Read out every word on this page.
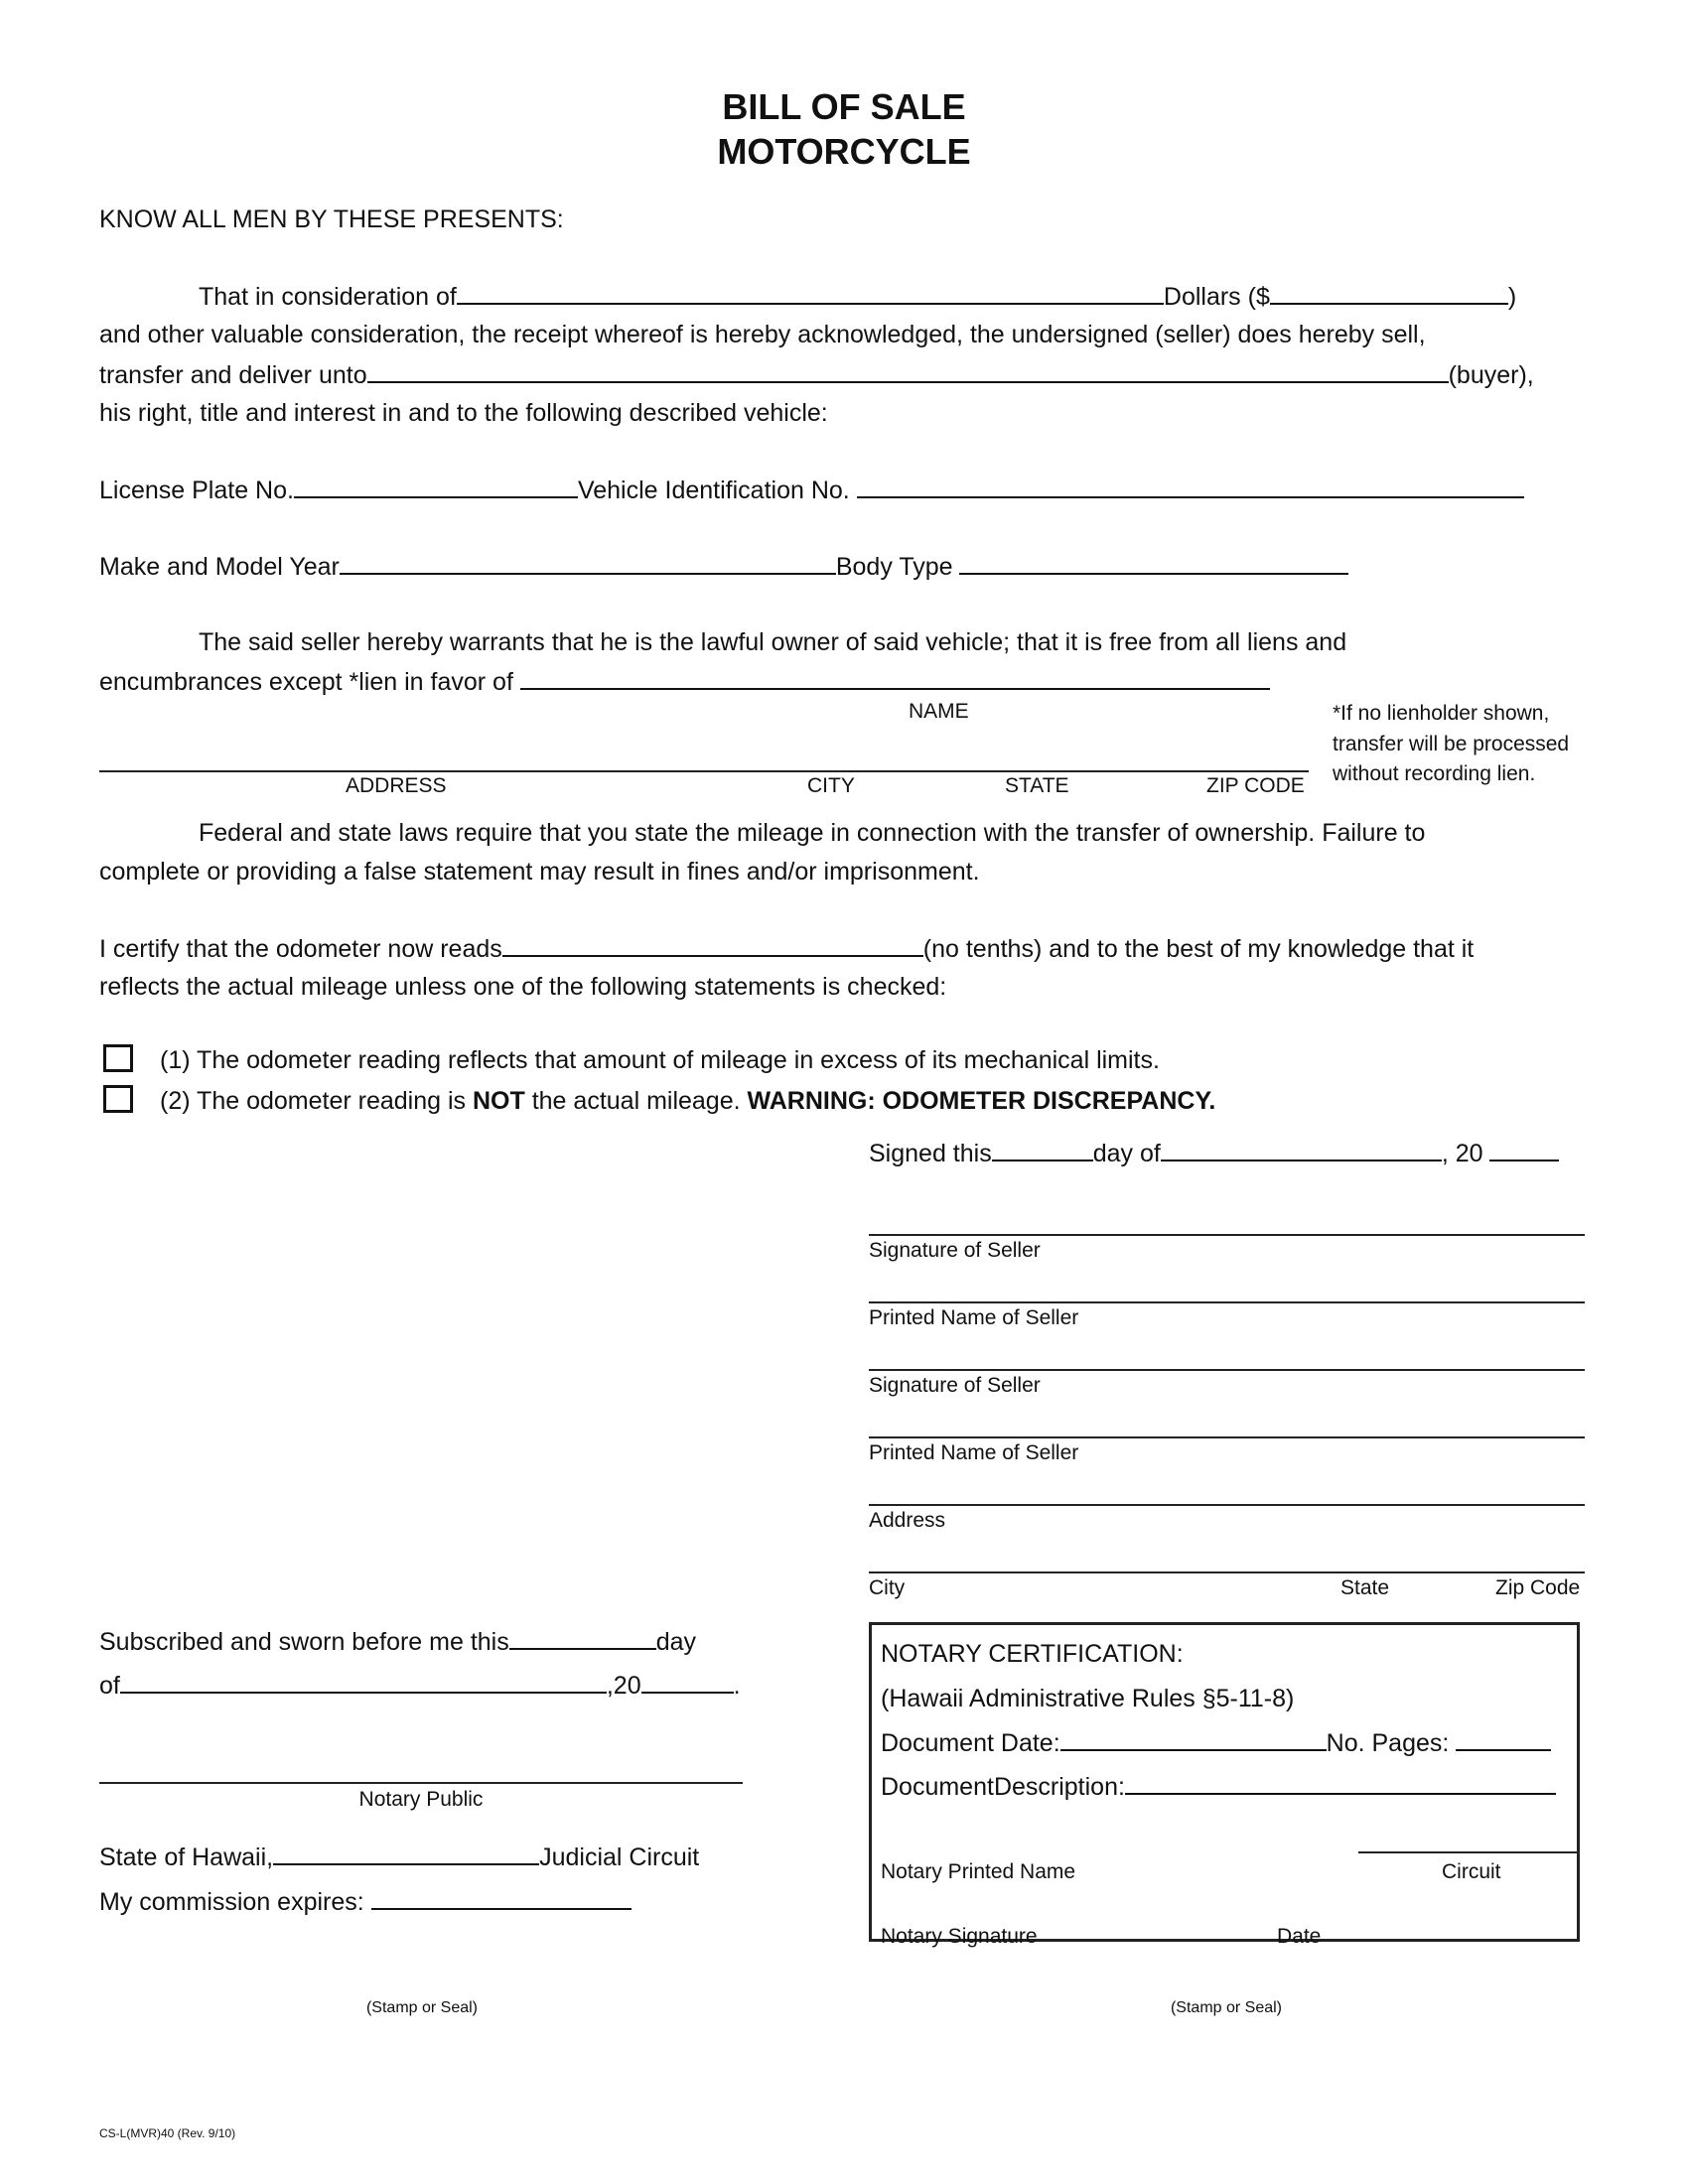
BILL OF SALE
MOTORCYCLE
KNOW ALL MEN BY THESE PRESENTS:
That in consideration of	Dollars ($	)
and other valuable consideration, the receipt whereof is hereby acknowledged, the undersigned (seller) does hereby sell,
transfer and deliver unto	(buyer),
his right, title and interest in and to the following described vehicle:
License Plate No.	Vehicle Identification No.
Make and Model Year	Body Type
The said seller hereby warrants that he is the lawful owner of said vehicle; that it is free from all liens and
encumbrances except *lien in favor of
NAME	*If no lienholder shown,
transfer will be processed
without recording lien.
ADDRESS	CITY	STATE	ZIP CODE
Federal and state laws require that you state the mileage in connection with the transfer of ownership. Failure to
complete or providing a false statement may result in fines and/or imprisonment.
I certify that the odometer now reads	(no tenths) and to the best of my knowledge that it
reflects the actual mileage unless one of the following statements is checked:
(1) The odometer reading reflects that amount of mileage in excess of its mechanical limits.
(2) The odometer reading is NOT the actual mileage. WARNING: ODOMETER DISCREPANCY.
Signed this	day of	, 20
Signature of Seller
Printed Name of Seller
Signature of Seller
Printed Name of Seller
Address
City	State	Zip Code
Subscribed and sworn before me this	day
of	,20	.
Notary Public
State of Hawaii,	Judicial Circuit
My commission expires:
(Stamp or Seal)
NOTARY CERTIFICATION:
(Hawaii Administrative Rules §5-11-8)
Document Date:	No. Pages:
DocumentDescription:
Notary Printed Name	Circuit
Notary Signature	Date
(Stamp or Seal)
CS-L(MVR)40 (Rev. 9/10)
